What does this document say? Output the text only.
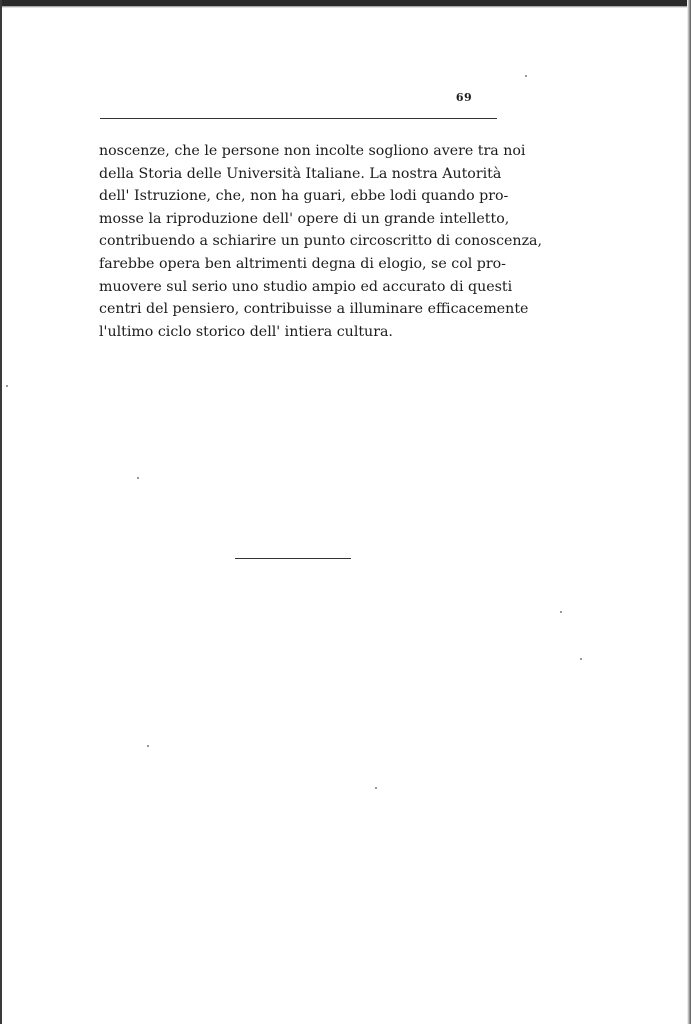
69

noscenze, che le persone non incolte sogliono avere tra noi
della Storia delle Università Italiane. La nostra Autorità
dell' Istruzione, che, non ha guari, ebbe lodi quando pro-
mosse la riproduzione dell' opere di un grande intelletto,
contribuendo a schiarire un punto circoscritto di conoscenza,
farebbe opera ben altrimenti degna di elogio, se col pro-
muovere sul serio uno studio ampio ed accurato di questi
centri del pensiero, contribuisse a illuminare efficacemente
l'ultimo ciclo storico dell' intiera cultura.
